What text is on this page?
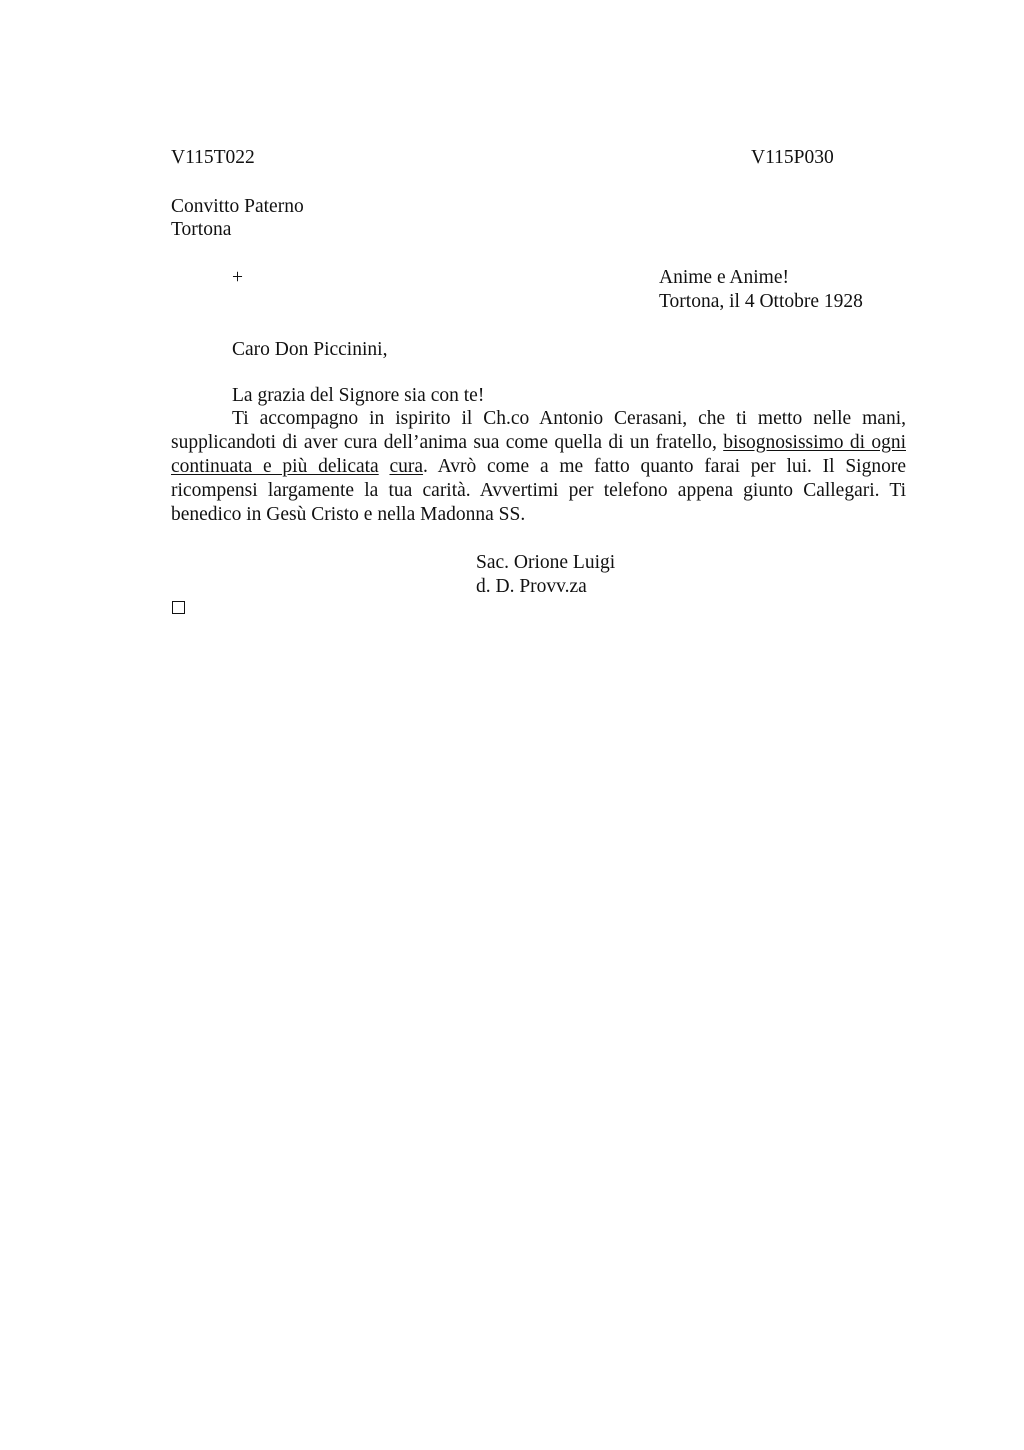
V115T022	V115P030
Convitto Paterno
Tortona
+	Anime e Anime!
Tortona, il 4 Ottobre 1928
Caro Don Piccinini,
La grazia del Signore sia con te!
Ti accompagno in ispirito il Ch.co Antonio Cerasani, che ti metto nelle mani, supplicandoti di aver cura dell’anima sua come quella di un fratello, bisognosissimo di ogni continuata e più delicata cura. Avrò come a me fatto quanto farai per lui. Il Signore ricompensi largamente la tua carità. Avvertimi per telefono appena giunto Callegari. Ti benedico in Gesù Cristo e nella Madonna SS.
Sac. Orione Luigi
d. D. Provv.za
